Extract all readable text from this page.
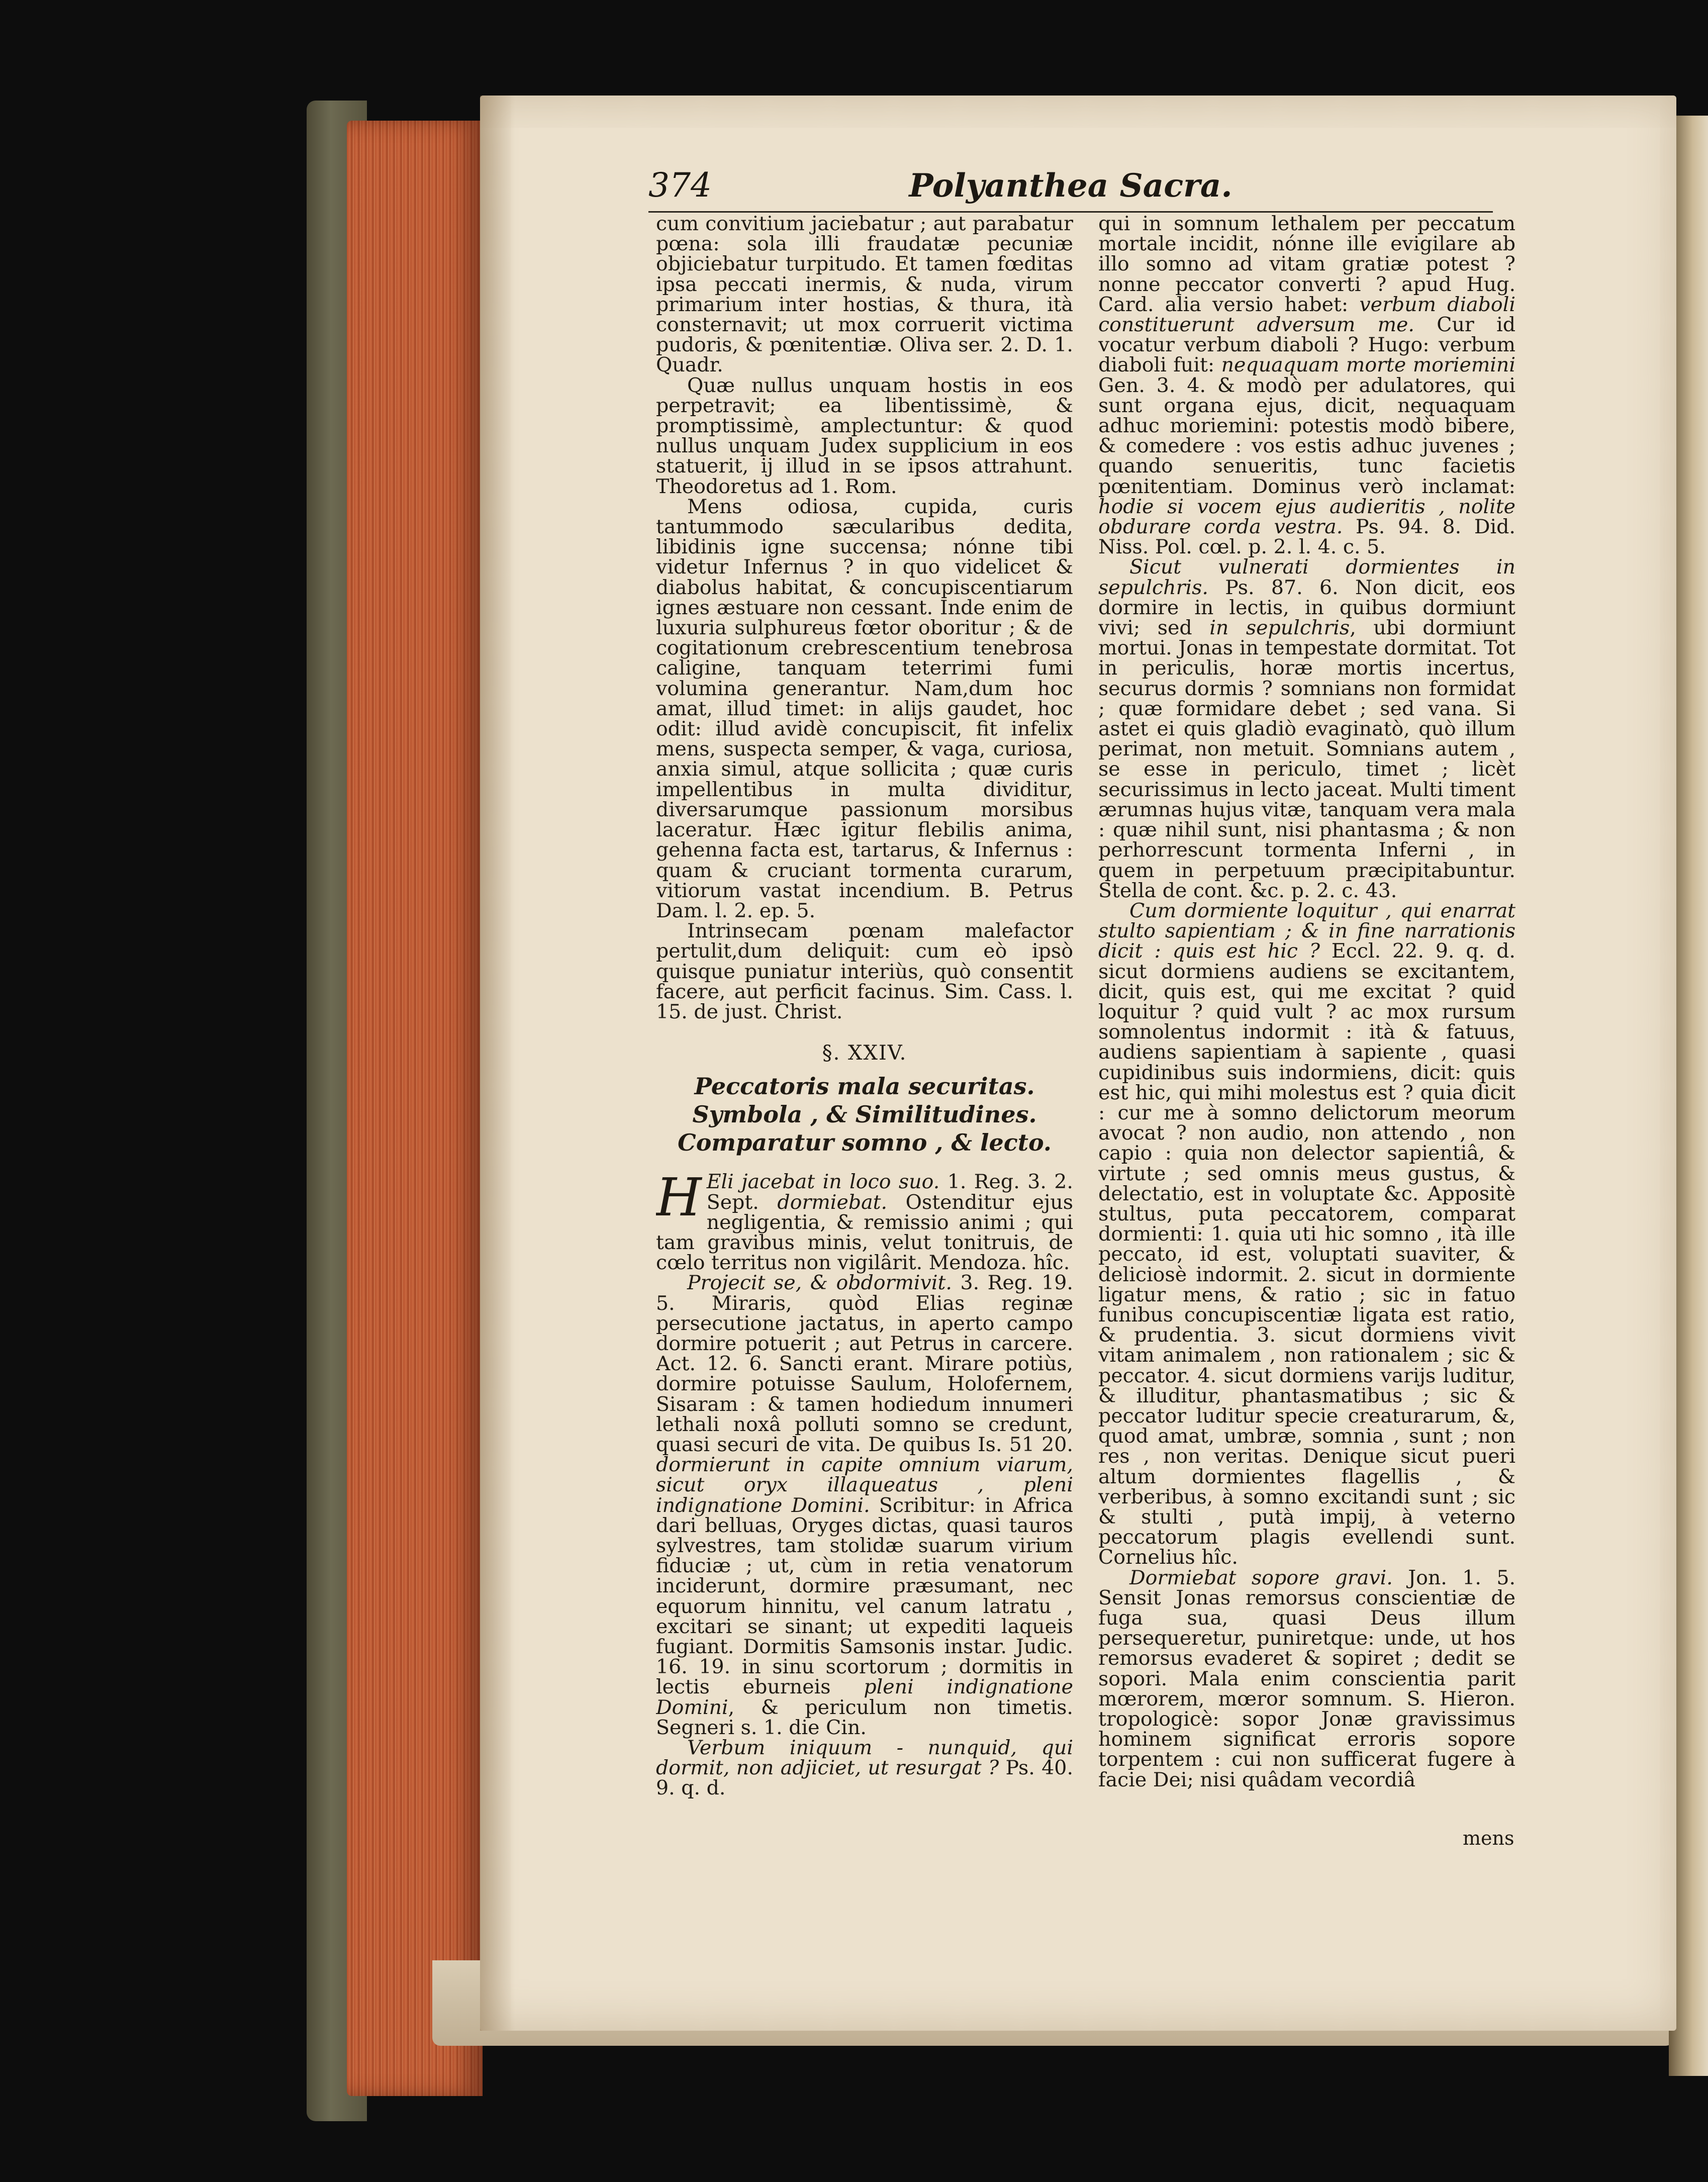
374	Polyanthea Sacra.

cum convitium jaciebatur ; aut parabatur pœna: sola illi fraudatæ pecuniæ objiciebatur turpitudo. Et tamen fœditas ipsa peccati inermis, & nuda, virum primarium inter hostias, & thura, ità consternavit; ut mox corruerit victima pudoris, & pœnitentiæ. Oliva ser. 2. D. 1. Quadr.

Quæ nullus unquam hostis in eos perpetravit; ea libentissimè, & promptissimè, amplectuntur: & quod nullus unquam Judex supplicium in eos statuerit, ij illud in se ipsos attrahunt. Theodoretus ad 1. Rom.

Mens odiosa, cupida, curis tantummodo sæcularibus dedita, libidinis igne succensa; nónne tibi videtur Infernus ? in quo videlicet & diabolus habitat, & concupiscentiarum ignes æstuare non cessant. Inde enim de luxuria sulphureus fœtor oboritur ; & de cogitationum crebrescentium tenebrosa caligine, tanquam teterrimi fumi volumina generantur. Nam,dum hoc amat, illud timet: in alijs gaudet, hoc odit: illud avidè concupiscit, fit infelix mens, suspecta semper, & vaga, curiosa, anxia simul, atque sollicita ; quæ curis impellentibus in multa dividitur, diversarumque passionum morsibus laceratur. Hæc igitur flebilis anima, gehenna facta est, tartarus, & Infernus : quam & cruciant tormenta curarum, vitiorum vastat incendium. B. Petrus Dam. l. 2. ep. 5.

Intrinsecam pœnam malefactor pertulit,dum deliquit: cum eò ipsò quisque puniatur interiùs, quò consentit facere, aut perficit facinus. Sim. Cass. l. 15. de just. Christ.

§. XXIV.

Peccatoris mala securitas.

Symbola , & Similitudines.

Comparatur somno , & lecto.

H Eli jacebat in loco suo. 1. Reg. 3. 2. Sept. dormiebat. Ostenditur ejus negligentia, & remissio animi ; qui tam gravibus minis, velut tonitruis, de cœlo territus non vigilârit. Mendoza. hîc.

Projecit se, & obdormivit. 3. Reg. 19. 5. Miraris, quòd Elias reginæ persecutione jactatus, in aperto campo dormire potuerit ; aut Petrus in carcere. Act. 12. 6. Sancti erant. Mirare potiùs, dormire potuisse Saulum, Holofernem, Sisaram : & tamen hodiedum innumeri lethali noxâ polluti somno se credunt, quasi securi de vita. De quibus Is. 51 20. dormierunt in capite omnium viarum, sicut oryx illaqueatus , pleni indignatione Domini. Scribitur: in Africa dari belluas, Oryges dictas, quasi tauros sylvestres, tam stolidæ suarum virium fiduciæ ; ut, cùm in retia venatorum inciderunt, dormire præsumant, nec equorum hinnitu, vel canum latratu , excitari se sinant; ut expediti laqueis fugiant. Dormitis Samsonis instar. Judic. 16. 19. in sinu scortorum ; dormitis in lectis eburneis pleni indignatione Domini, & periculum non timetis. Segneri s. 1. die Cin.

Verbum iniquum - nunquid, qui dormit, non adjiciet, ut resurgat ? Ps. 40. 9. q. d.

qui in somnum lethalem per peccatum mortale incidit, nónne ille evigilare ab illo somno ad vitam gratiæ potest ? nonne peccator converti ? apud Hug. Card. alia versio habet: verbum diaboli constituerunt adversum me. Cur id vocatur verbum diaboli ? Hugo: verbum diaboli fuit: nequaquam morte moriemini Gen. 3. 4. & modò per adulatores, qui sunt organa ejus, dicit, nequaquam adhuc moriemini: potestis modò bibere, & comedere : vos estis adhuc juvenes ; quando senueritis, tunc facietis pœnitentiam. Dominus verò inclamat: hodie si vocem ejus audieritis , nolite obdurare corda vestra. Ps. 94. 8. Did. Niss. Pol. cœl. p. 2. l. 4. c. 5.

Sicut vulnerati dormientes in sepulchris. Ps. 87. 6. Non dicit, eos dormire in lectis, in quibus dormiunt vivi; sed in sepulchris, ubi dormiunt mortui. Jonas in tempestate dormitat. Tot in periculis, horæ mortis incertus, securus dormis ? somnians non formidat ; quæ formidare debet ; sed vana. Si astet ei quis gladiò evaginatò, quò illum perimat, non metuit. Somnians autem , se esse in periculo, timet ; licèt securissimus in lecto jaceat. Multi timent ærumnas hujus vitæ, tanquam vera mala : quæ nihil sunt, nisi phantasma ; & non perhorrescunt tormenta Inferni , in quem in perpetuum præcipitabuntur. Stella de cont. &c. p. 2. c. 43.

Cum dormiente loquitur , qui enarrat stulto sapientiam ; & in fine narrationis dicit : quis est hic ? Eccl. 22. 9. q. d. sicut dormiens audiens se excitantem, dicit, quis est, qui me excitat ? quid loquitur ? quid vult ? ac mox rursum somnolentus indormit : ità & fatuus, audiens sapientiam à sapiente , quasi cupidinibus suis indormiens, dicit: quis est hic, qui mihi molestus est ? quia dicit : cur me à somno delictorum meorum avocat ? non audio, non attendo , non capio : quia non delector sapientiâ, & virtute ; sed omnis meus gustus, & delectatio, est in voluptate &c. Appositè stultus, puta peccatorem, comparat dormienti: 1. quia uti hic somno , ità ille peccato, id est, voluptati suaviter, & deliciosè indormit. 2. sicut in dormiente ligatur mens, & ratio ; sic in fatuo funibus concupiscentiæ ligata est ratio, & prudentia. 3. sicut dormiens vivit vitam animalem , non rationalem ; sic & peccator. 4. sicut dormiens varijs luditur, & illuditur, phantasmatibus ; sic & peccator luditur specie creaturarum, &, quod amat, umbræ, somnia , sunt ; non res , non veritas. Denique sicut pueri altum dormientes flagellis , & verberibus, à somno excitandi sunt ; sic & stulti , putà impij, à veterno peccatorum plagis evellendi sunt. Cornelius hîc.

Dormiebat sopore gravi. Jon. 1. 5. Sensit Jonas remorsus conscientiæ de fuga sua, quasi Deus illum persequeretur, puniretque: unde, ut hos remorsus evaderet & sopiret ; dedit se sopori. Mala enim conscientia parit mœrorem, mœror somnum. S. Hieron. tropologicè: sopor Jonæ gravissimus hominem significat erroris sopore torpentem : cui non sufficerat fugere à facie Dei; nisi quâdam vecordiâ

mens
